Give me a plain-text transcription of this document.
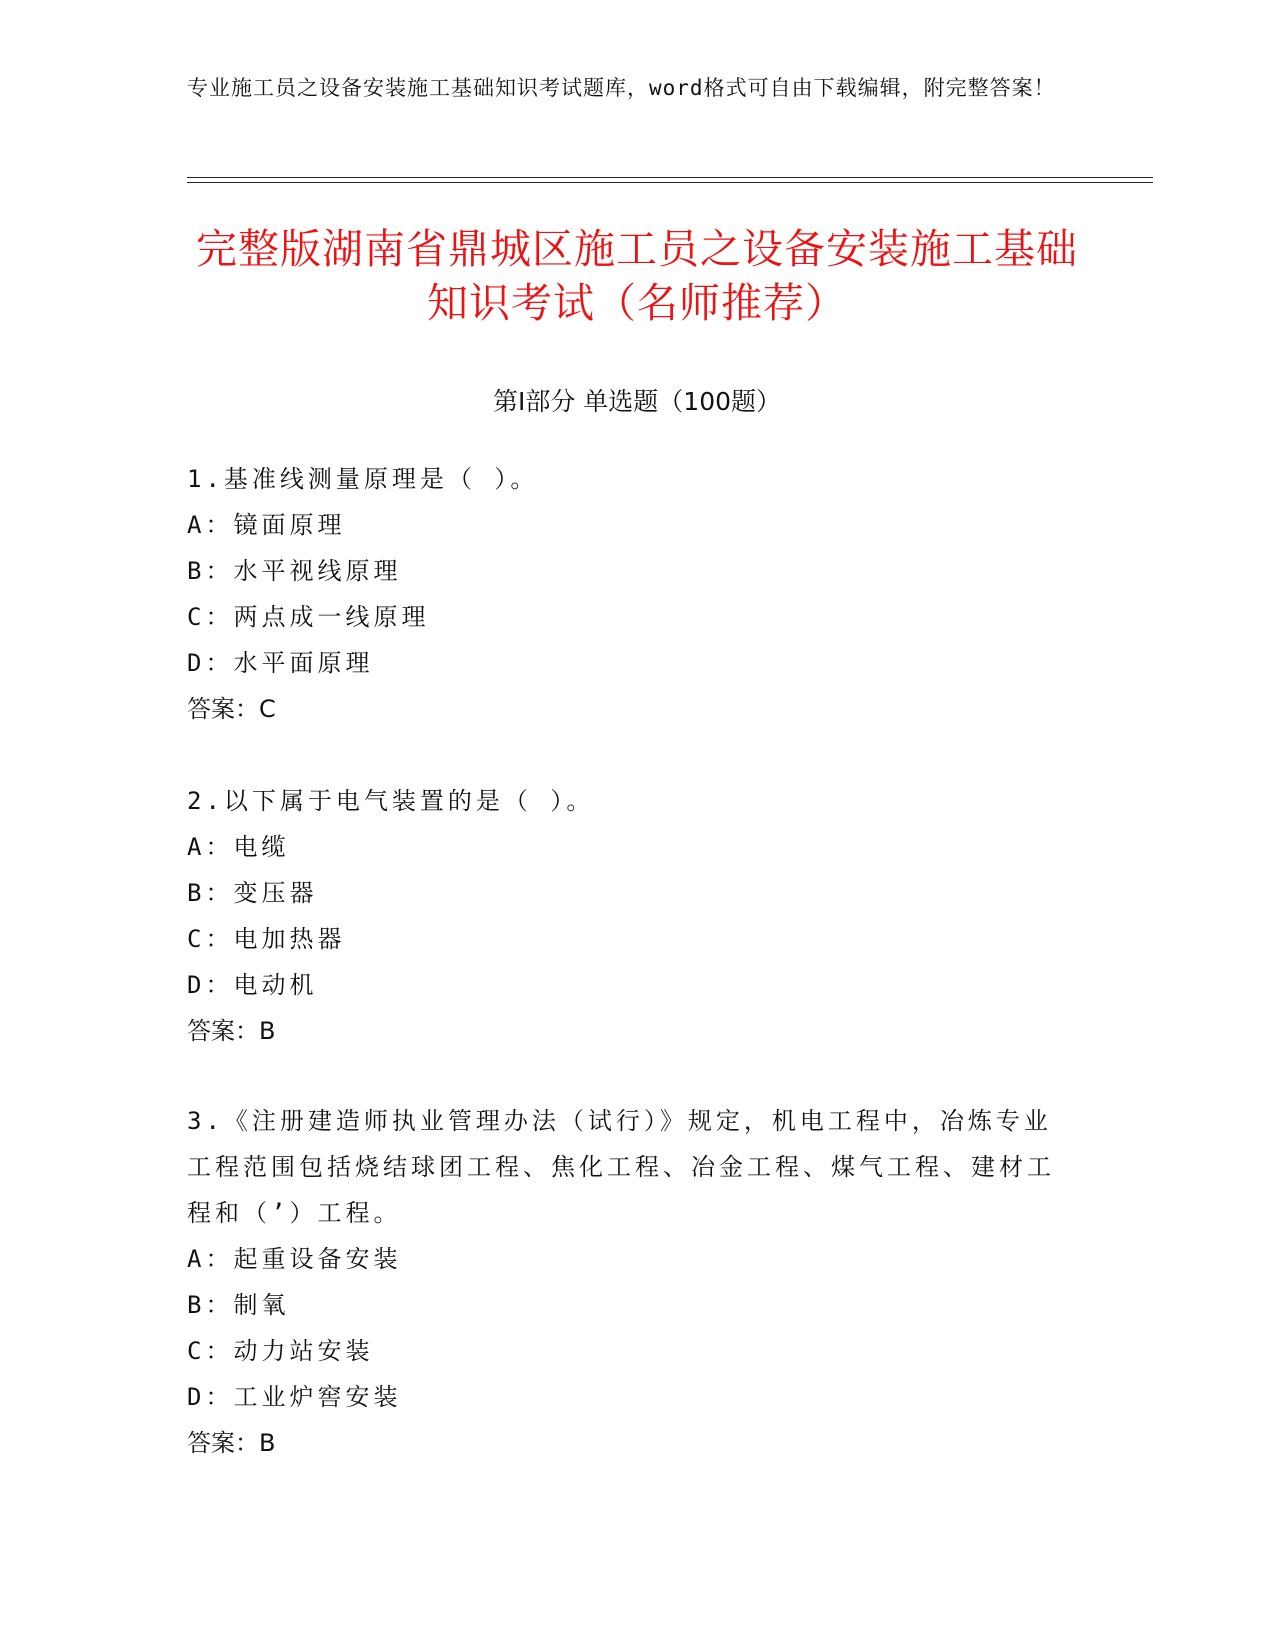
专业施工员之设备安装施工基础知识考试题库，word格式可自由下载编辑，附完整答案！
完整版湖南省鼎城区施工员之设备安装施工基础知识考试（名师推荐）
第Ⅰ部分 单选题（100题）
1.基准线测量原理是（ ）。
A：镜面原理
B：水平视线原理
C：两点成一线原理
D：水平面原理
答案：C
2.以下属于电气装置的是（ ）。
A：电缆
B：变压器
C：电加热器
D：电动机
答案：B
3.《注册建造师执业管理办法（试行）》规定，机电工程中，冶炼专业工程范围包括烧结球团工程、焦化工程、冶金工程、煤气工程、建材工程和（’）工程。
A：起重设备安装
B：制氧
C：动力站安装
D：工业炉窖安装
答案：B
